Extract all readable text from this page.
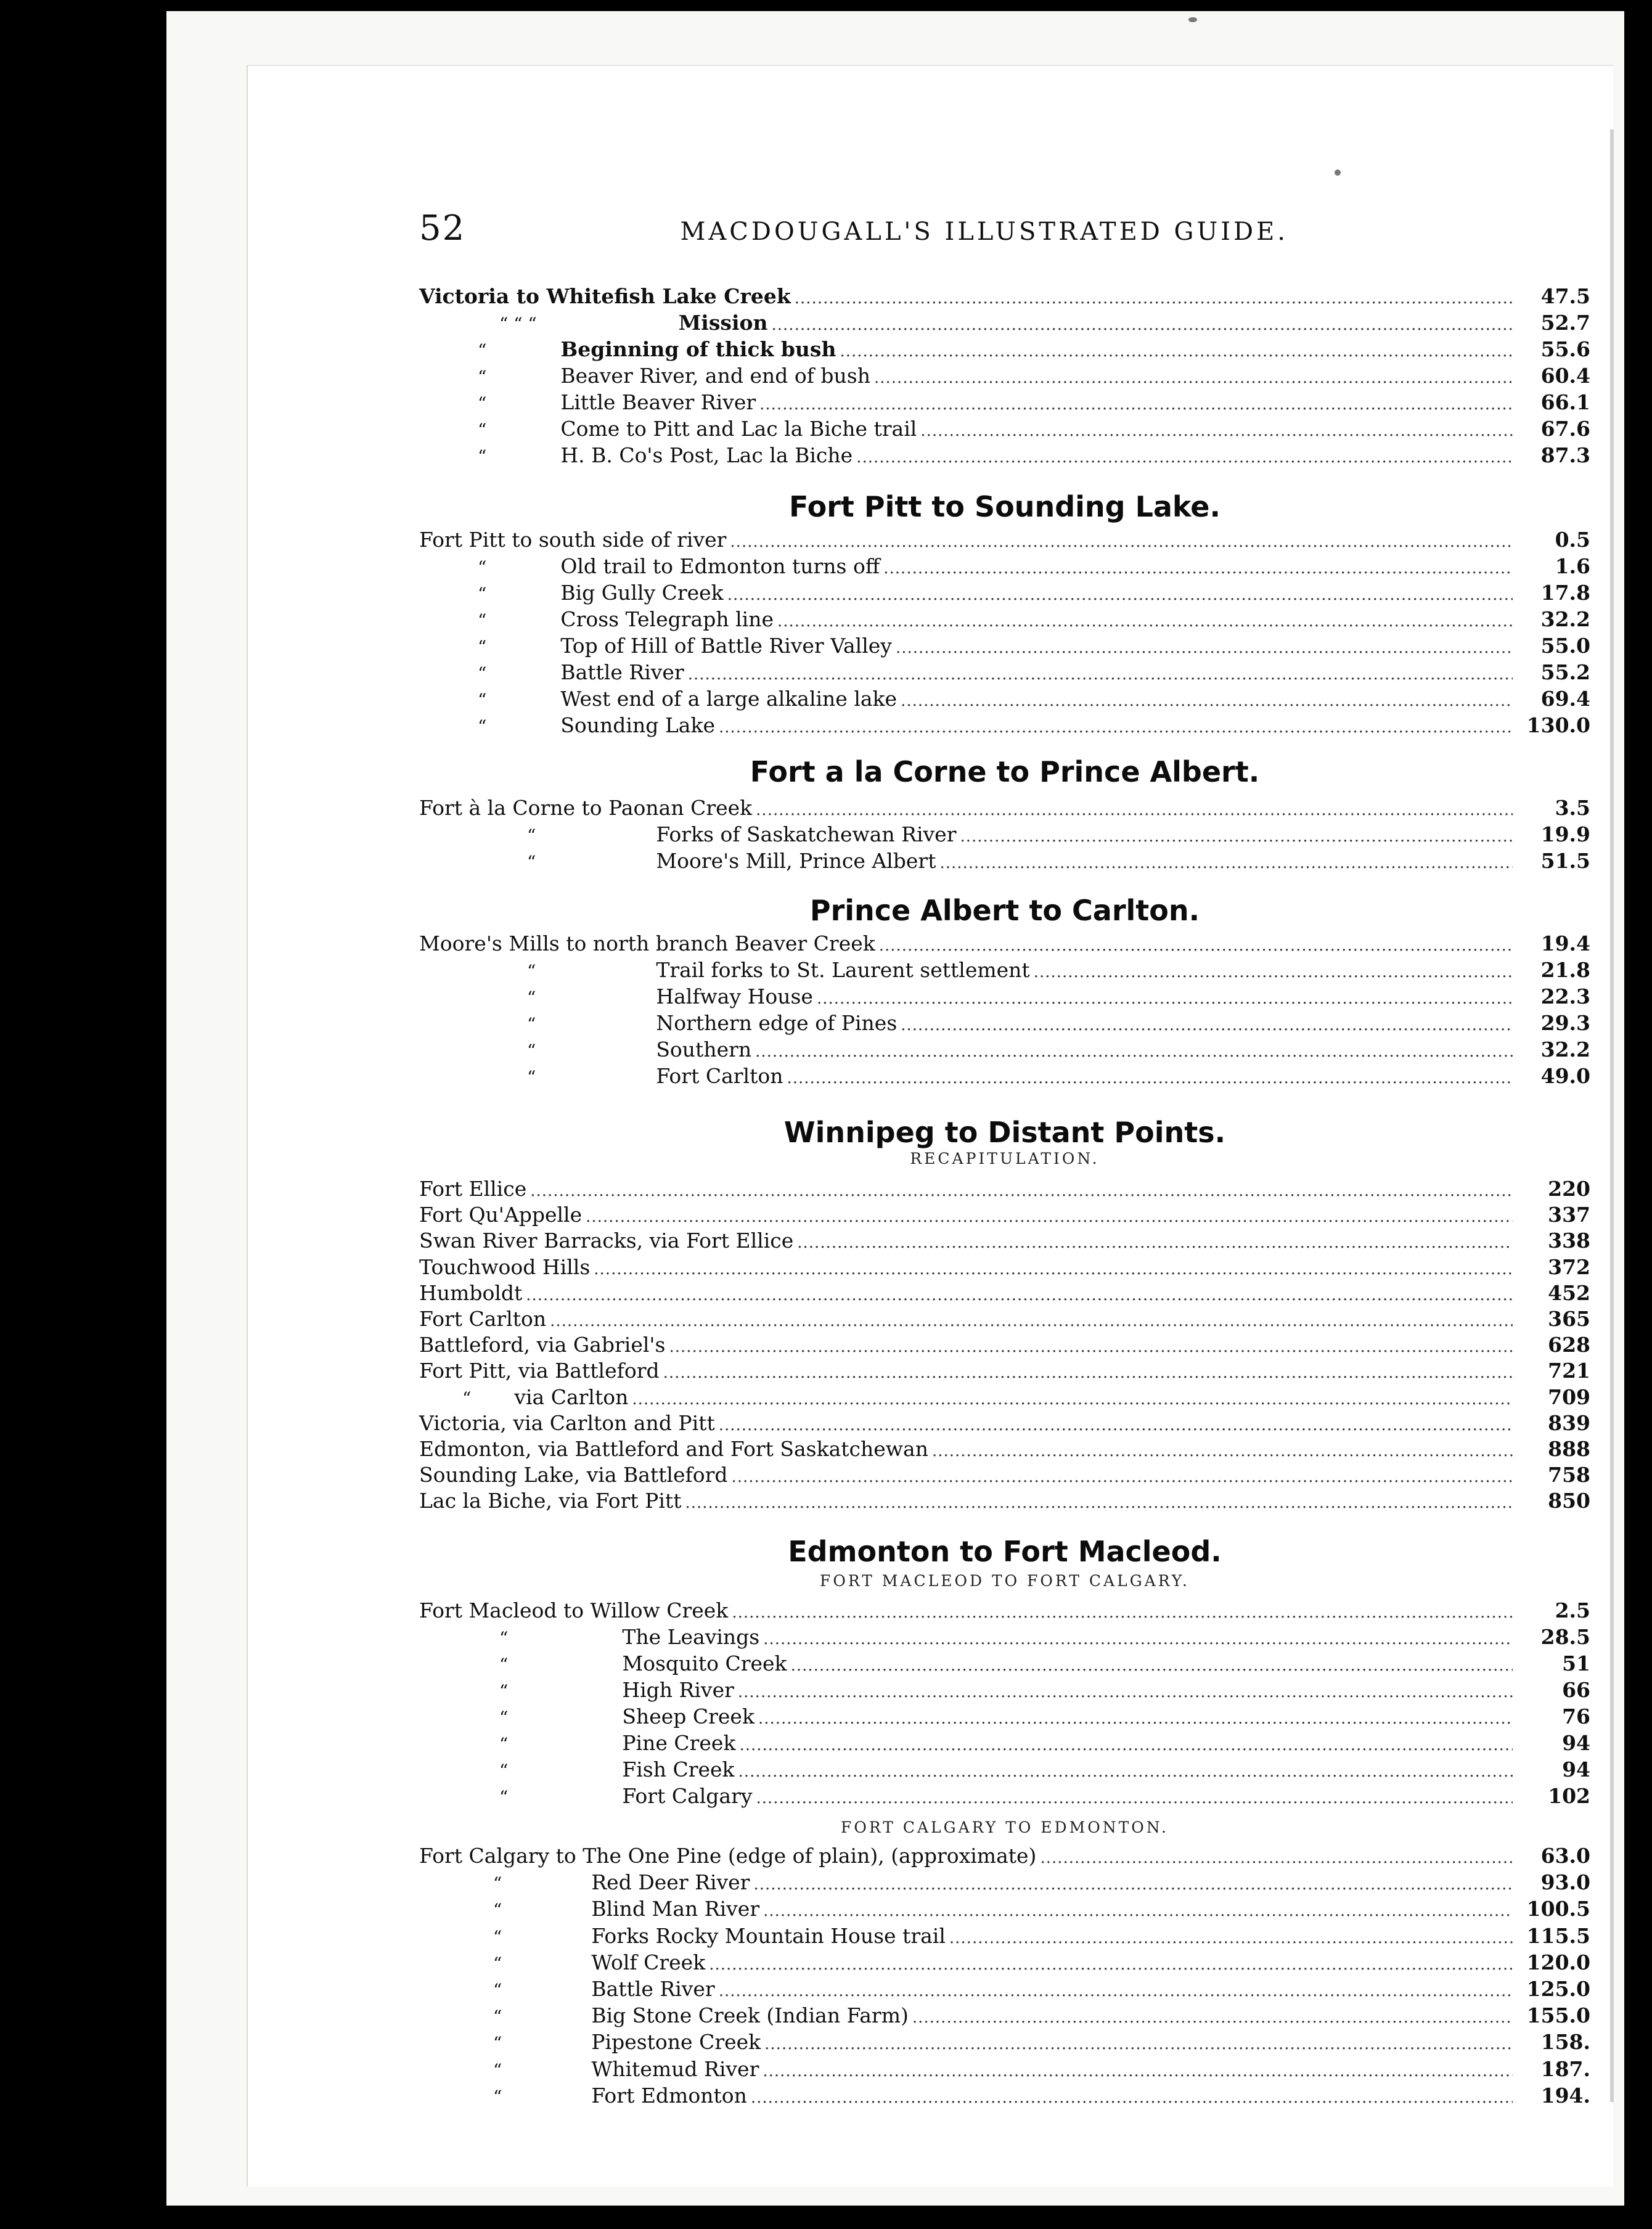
52	MACDOUGALL'S ILLUSTRATED GUIDE.
Victoria to Whitefish Lake Creek .....	47.5
“ “ “	Mission .....	52.7
“	Beginning of thick bush .....	55.6
“	Beaver River, and end of bush .....	60.4
“	Little Beaver River .....	66.1
“	Come to Pitt and Lac la Biche trail .....	67.6
“	H. B. Co's Post, Lac la Biche .....	87.3
Fort Pitt to Sounding Lake.
Fort Pitt to south side of river .....	0.5
“	Old trail to Edmonton turns off .....	1.6
“	Big Gully Creek .....	17.8
“	Cross Telegraph line .....	32.2
“	Top of Hill of Battle River Valley .....	55.0
“	Battle River .....	55.2
“	West end of a large alkaline lake .....	69.4
“	Sounding Lake .....	130.0
Fort a la Corne to Prince Albert.
Fort à la Corne to Paonan Creek .....	3.5
“	Forks of Saskatchewan River .....	19.9
“	Moore's Mill, Prince Albert .....	51.5
Prince Albert to Carlton.
Moore's Mills to north branch Beaver Creek .....	19.4
“	Trail forks to St. Laurent settlement .....	21.8
“	Halfway House .....	22.3
“	Northern edge of Pines .....	29.3
“	Southern .....	32.2
“	Fort Carlton .....	49.0
Winnipeg to Distant Points.
RECAPITULATION.
Fort Ellice .....	220
Fort Qu'Appelle .....	337
Swan River Barracks, via Fort Ellice .....	338
Touchwood Hills .....	372
Humboldt .....	452
Fort Carlton .....	365
Battleford, via Gabriel's .....	628
Fort Pitt, via Battleford .....	721
“ via Carlton .....	709
Victoria, via Carlton and Pitt .....	839
Edmonton, via Battleford and Fort Saskatchewan .....	888
Sounding Lake, via Battleford .....	758
Lac la Biche, via Fort Pitt .....	850
Edmonton to Fort Macleod.
FORT MACLEOD TO FORT CALGARY.
Fort Macleod to Willow Creek .....	2.5
“	The Leavings .....	28.5
“	Mosquito Creek .....	51
“	High River .....	66
“	Sheep Creek .....	76
“	Pine Creek .....	94
“	Fish Creek .....	94
“	Fort Calgary .....	102
FORT CALGARY TO EDMONTON.
Fort Calgary to The One Pine (edge of plain), (approximate) .....	63.0
“	Red Deer River .....	93.0
“	Blind Man River .....	100.5
“	Forks Rocky Mountain House trail .....	115.5
“	Wolf Creek .....	120.0
“	Battle River .....	125.0
“	Big Stone Creek (Indian Farm) .....	155.0
“	Pipestone Creek .....	158.
“	Whitemud River .....	187.
“	Fort Edmonton .....	194.
